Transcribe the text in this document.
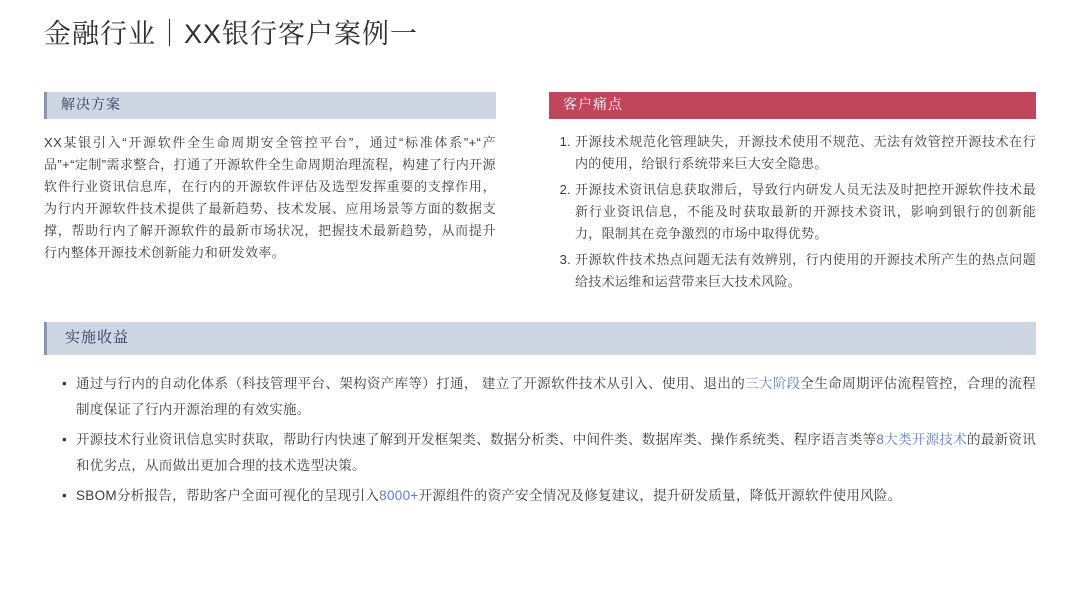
金融行业｜XX银行客户案例一
解决方案
XX某银引入“开源软件全生命周期安全管控平台”，通过“标准体系”+“产品”+“定制”需求整合，打通了开源软件全生命周期治理流程，构建了行内开源软件行业资讯信息库，在行内的开源软件评估及选型发挥重要的支撑作用，为行内开源软件技术提供了最新趋势、技术发展、应用场景等方面的数据支撑，帮助行内了解开源软件的最新市场状况，把握技术最新趋势，从而提升行内整体开源技术创新能力和研发效率。
客户痛点
1. 开源技术规范化管理缺失，开源技术使用不规范、无法有效管控开源技术在行内的使用，给银行系统带来巨大安全隐患。
2. 开源技术资讯信息获取滞后，导致行内研发人员无法及时把控开源软件技术最新行业资讯信息，不能及时获取最新的开源技术资讯，影响到银行的创新能力，限制其在竞争激烈的市场中取得优势。
3. 开源软件技术热点问题无法有效辨别，行内使用的开源技术所产生的热点问题给技术运维和运营带来巨大技术风险。
实施收益
• 通过与行内的自动化体系（科技管理平台、架构资产库等）打通， 建立了开源软件技术从引入、使用、退出的三大阶段全生命周期评估流程管控，合理的流程制度保证了行内开源治理的有效实施。
• 开源技术行业资讯信息实时获取，帮助行内快速了解到开发框架类、数据分析类、中间件类、数据库类、操作系统类、程序语言类等8大类开源技术的最新资讯和优劣点，从而做出更加合理的技术选型决策。
• SBOM分析报告，帮助客户全面可视化的呈现引入8000+开源组件的资产安全情况及修复建议，提升研发质量，降低开源软件使用风险。
